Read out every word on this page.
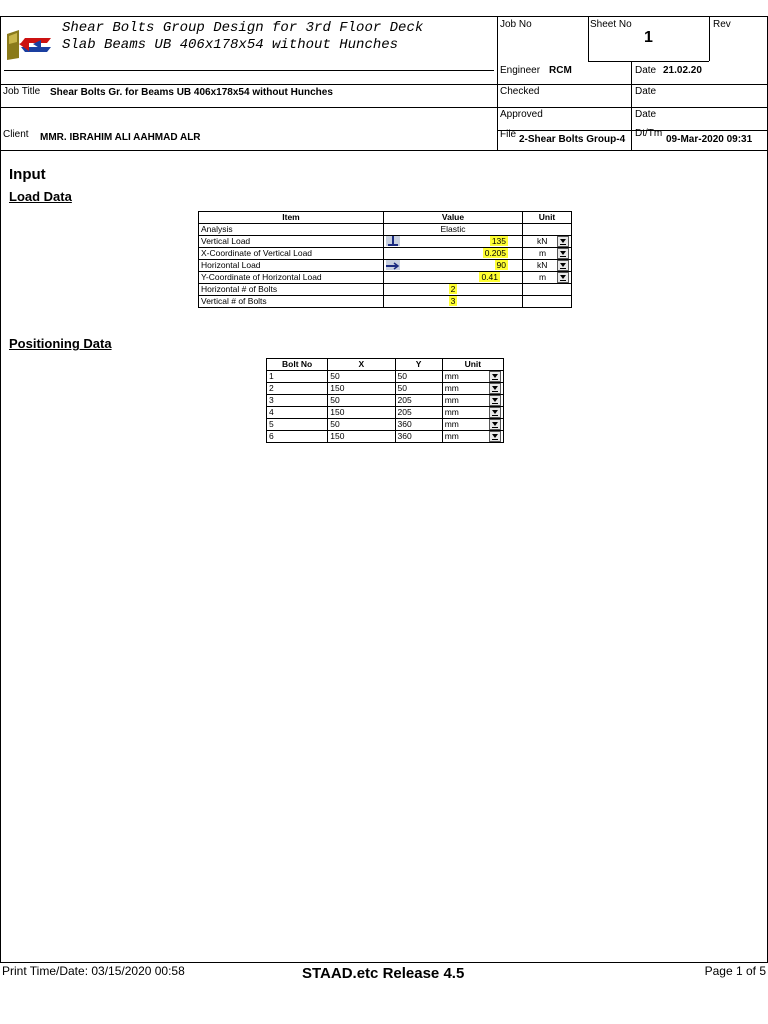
Shear Bolts Group Design for 3rd Floor Deck
Slab Beams UB 406x178x54 without Hunches
Job No	Sheet No
1
Rev
Engineer RCM	Date 21.02.20
Job Title Shear Bolts Gr. for Beams UB 406x178x54 without Hunches	Checked	Date
Approved	Date
Client MMR. IBRAHIM ALI AAHMAD ALR	File 2-Shear Bolts Group-4
Dt/Tm
09-Mar-2020 09:31
Input
Load Data
Item	Value	Unit
Analysis	Elastic	
Vertical Load	135	kN

X-Coordinate of Vertical Load	0.205	m

Horizontal Load	90	kN

Y-Coordinate of Horizontal Load	0.41	m

Horizontal # of Bolts	2	
Vertical # of Bolts	3	
Positioning Data
Bolt No	X	Y	Unit
1	50	50	mm

2	150	50	mm

3	50	205	mm

4	150	205	mm

5	50	360	mm

6	150	360	mm
Print Time/Date: 03/15/2020 00:58	STAAD.etc Release 4.5	Page 1 of 5
